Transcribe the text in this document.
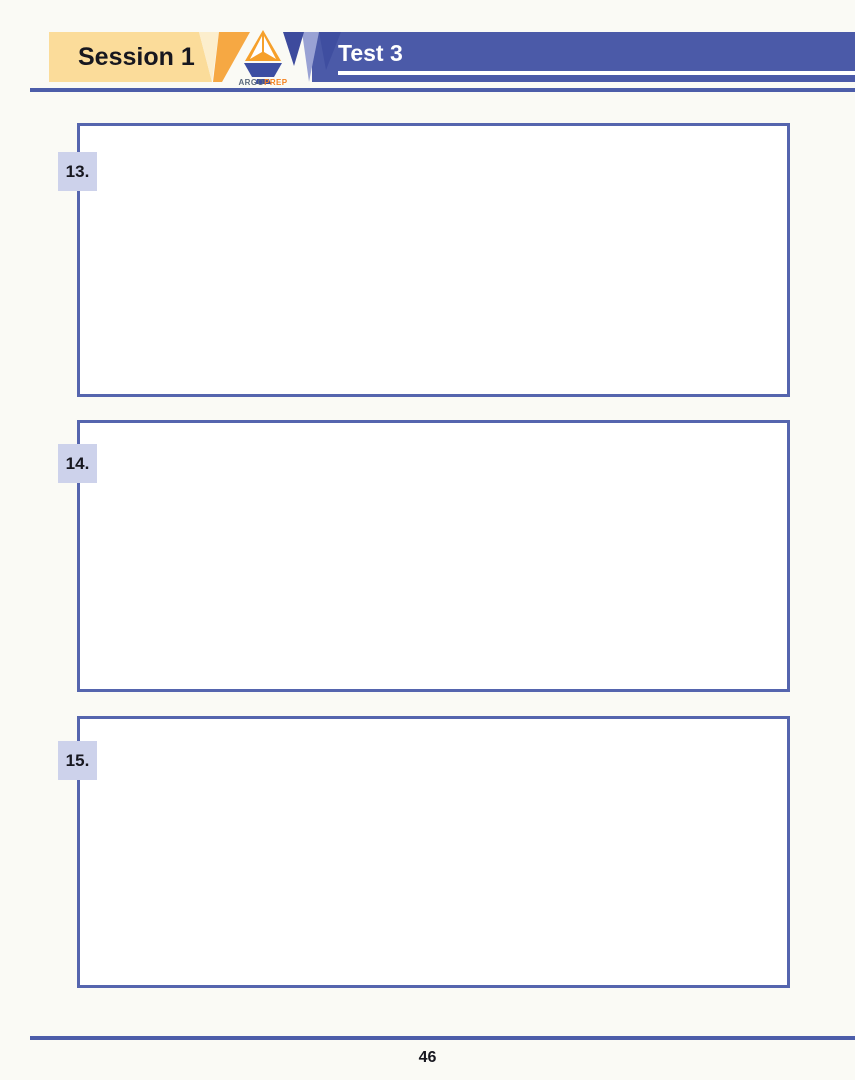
Session 1	Test 3
ARGOPREP
13.
14.
15.
46
